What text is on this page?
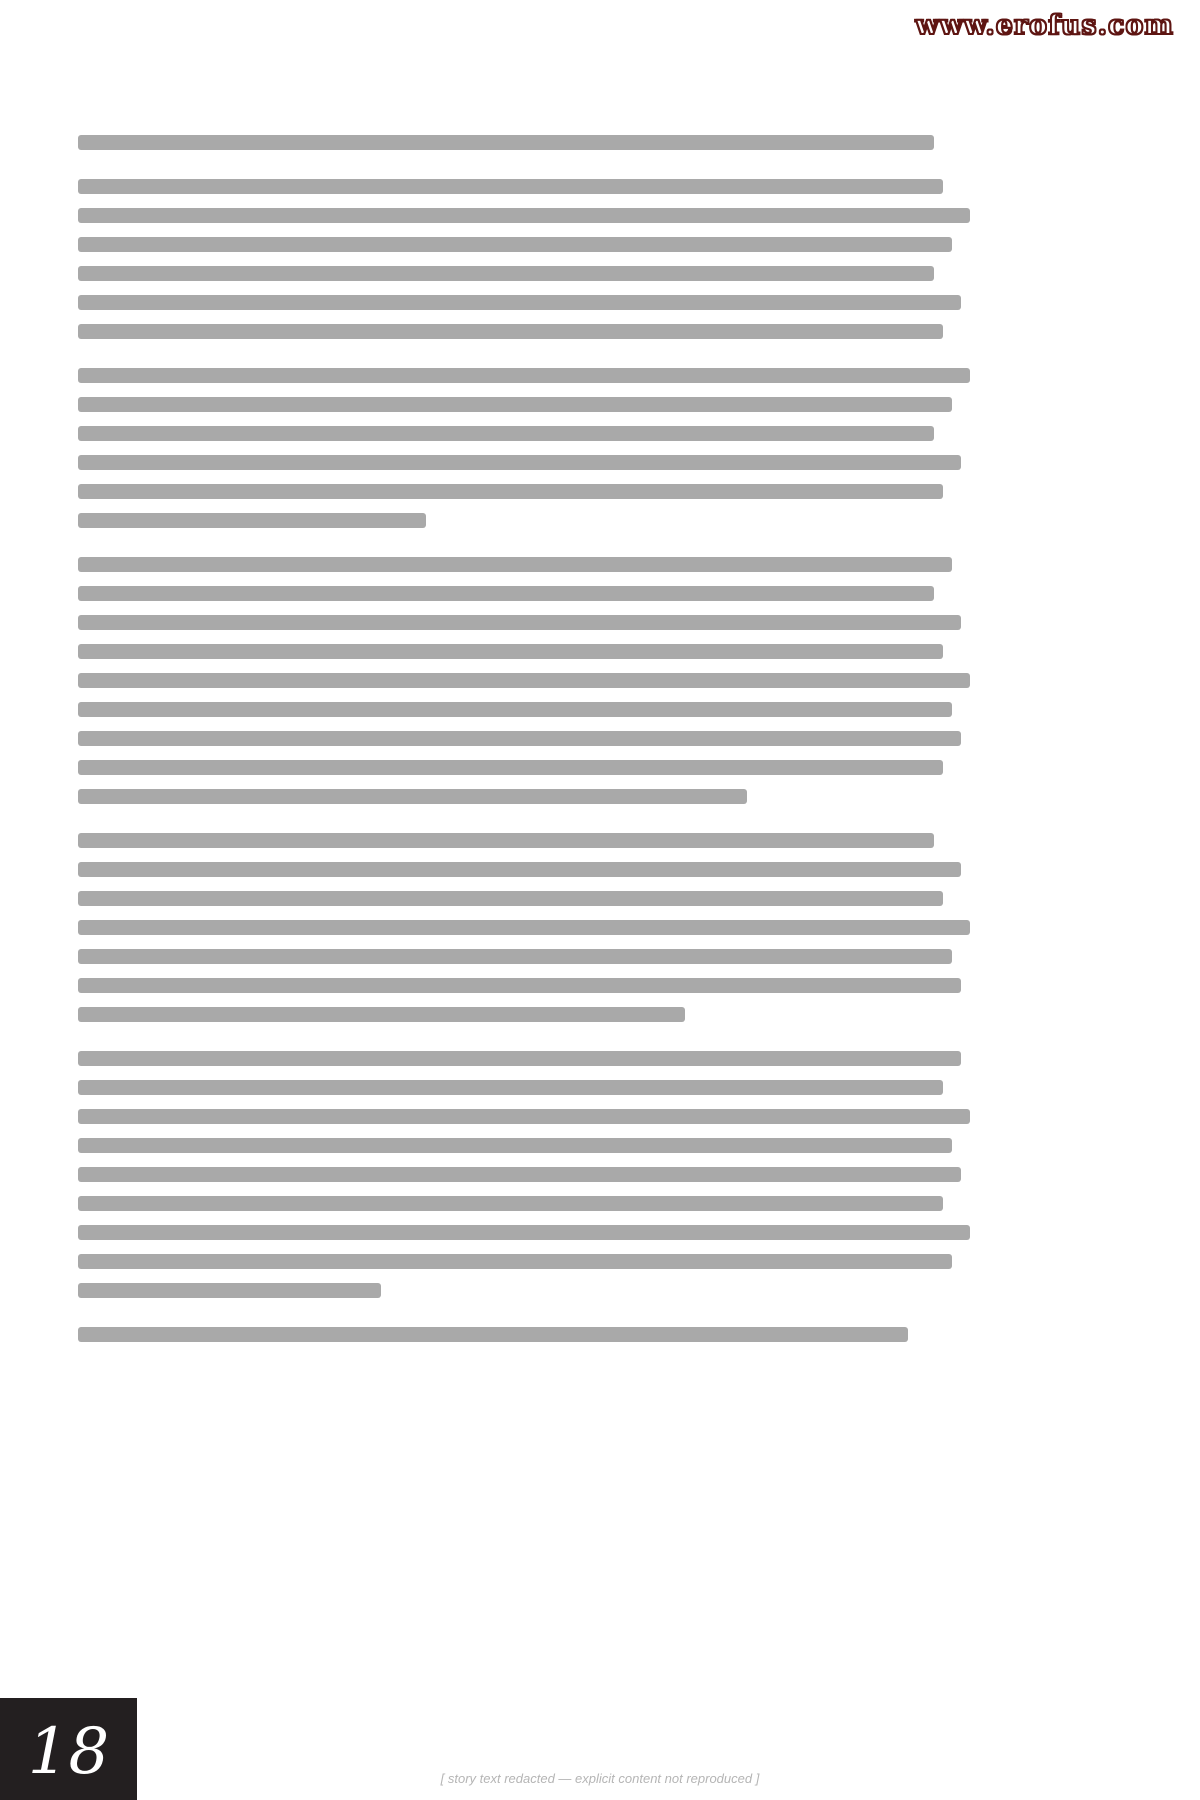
www.erofus.com
[ story text redacted — explicit content not reproduced ]
18
